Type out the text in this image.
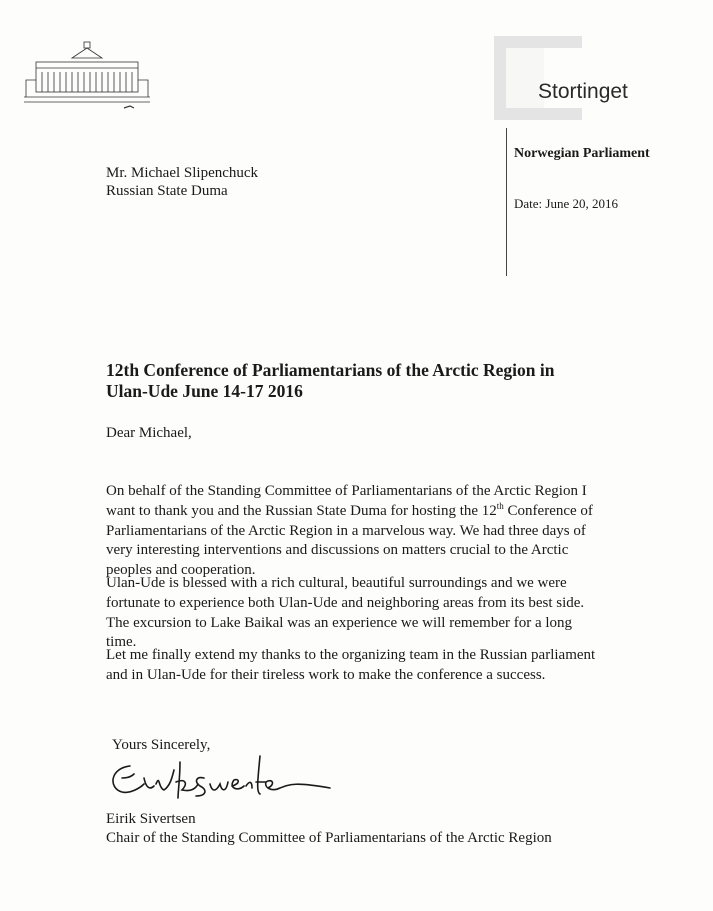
Stortinget
Norwegian Parliament
Date: June 20, 2016
Mr. Michael Slipenchuck
Russian State Duma
12th Conference of Parliamentarians of the Arctic Region in
Ulan-Ude June 14-17 2016
Dear Michael,
On behalf of the Standing Committee of Parliamentarians of the Arctic Region I
want to thank you and the Russian State Duma for hosting the 12th Conference of
Parliamentarians of the Arctic Region in a marvelous way. We had three days of
very interesting interventions and discussions on matters crucial to the Arctic
peoples and cooperation.
Ulan-Ude is blessed with a rich cultural, beautiful surroundings and we were
fortunate to experience both Ulan-Ude and neighboring areas from its best side.
The excursion to Lake Baikal was an experience we will remember for a long
time.
Let me finally extend my thanks to the organizing team in the Russian parliament
and in Ulan-Ude for their tireless work to make the conference a success.
Yours Sincerely,
Eirik Sivertsen
Chair of the Standing Committee of Parliamentarians of the Arctic Region
